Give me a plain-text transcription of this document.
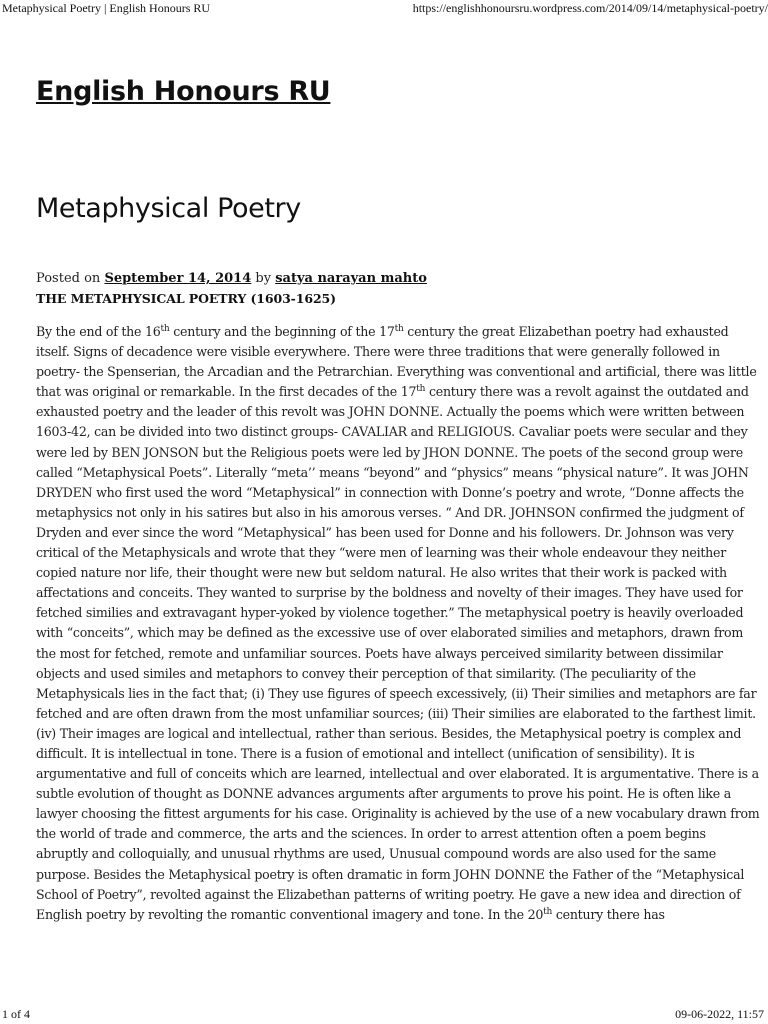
Metaphysical Poetry | English Honours RU	https://englishhonoursru.wordpress.com/2014/09/14/metaphysical-poetry/
English Honours RU
Metaphysical Poetry
Posted on September 14, 2014 by satya narayan mahto
THE METAPHYSICAL POETRY (1603-1625)

By the end of the 16th century and the beginning of the 17th century the great Elizabethan poetry had exhausted itself. Signs of decadence were visible everywhere. There were three traditions that were generally followed in poetry- the Spenserian, the Arcadian and the Petrarchian. Everything was conventional and artificial, there was little that was original or remarkable. In the first decades of the 17th century there was a revolt against the outdated and exhausted poetry and the leader of this revolt was JOHN DONNE. Actually the poems which were written between 1603-42, can be divided into two distinct groups- CAVALIAR and RELIGIOUS. Cavaliar poets were secular and they were led by BEN JONSON but the Religious poets were led by JHON DONNE. The poets of the second group were called “Metaphysical Poets”. Literally “meta’’ means “beyond” and “physics” means “physical nature”. It was JOHN DRYDEN who first used the word “Metaphysical” in connection with Donne’s poetry and wrote, “Donne affects the metaphysics not only in his satires but also in his amorous verses. “ And DR. JOHNSON confirmed the judgment of Dryden and ever since the word “Metaphysical” has been used for Donne and his followers. Dr. Johnson was very critical of the Metaphysicals and wrote that they “were men of learning was their whole endeavour they neither copied nature nor life, their thought were new but seldom natural. He also writes that their work is packed with affectations and conceits. They wanted to surprise by the boldness and novelty of their images. They have used for fetched similies and extravagant hyper-yoked by violence together.” The metaphysical poetry is heavily overloaded with “conceits”, which may be defined as the excessive use of over elaborated similies and metaphors, drawn from the most for fetched, remote and unfamiliar sources. Poets have always perceived similarity between dissimilar objects and used similes and metaphors to convey their perception of that similarity. (The peculiarity of the Metaphysicals lies in the fact that; (i) They use figures of speech excessively, (ii) Their similies and metaphors are far fetched and are often drawn from the most unfamiliar sources; (iii) Their similies are elaborated to the farthest limit. (iv) Their images are logical and intellectual, rather than serious. Besides, the Metaphysical poetry is complex and difficult. It is intellectual in tone. There is a fusion of emotional and intellect (unification of sensibility). It is argumentative and full of conceits which are learned, intellectual and over elaborated. It is argumentative. There is a subtle evolution of thought as DONNE advances arguments after arguments to prove his point. He is often like a lawyer choosing the fittest arguments for his case. Originality is achieved by the use of a new vocabulary drawn from the world of trade and commerce, the arts and the sciences. In order to arrest attention often a poem begins abruptly and colloquially, and unusual rhythms are used, Unusual compound words are also used for the same purpose. Besides the Metaphysical poetry is often dramatic in form JOHN DONNE the Father of the “Metaphysical School of Poetry”, revolted against the Elizabethan patterns of writing poetry. He gave a new idea and direction of English poetry by revolting the romantic conventional imagery and tone. In the 20th century there has

1 of 4	09-06-2022, 11:57
